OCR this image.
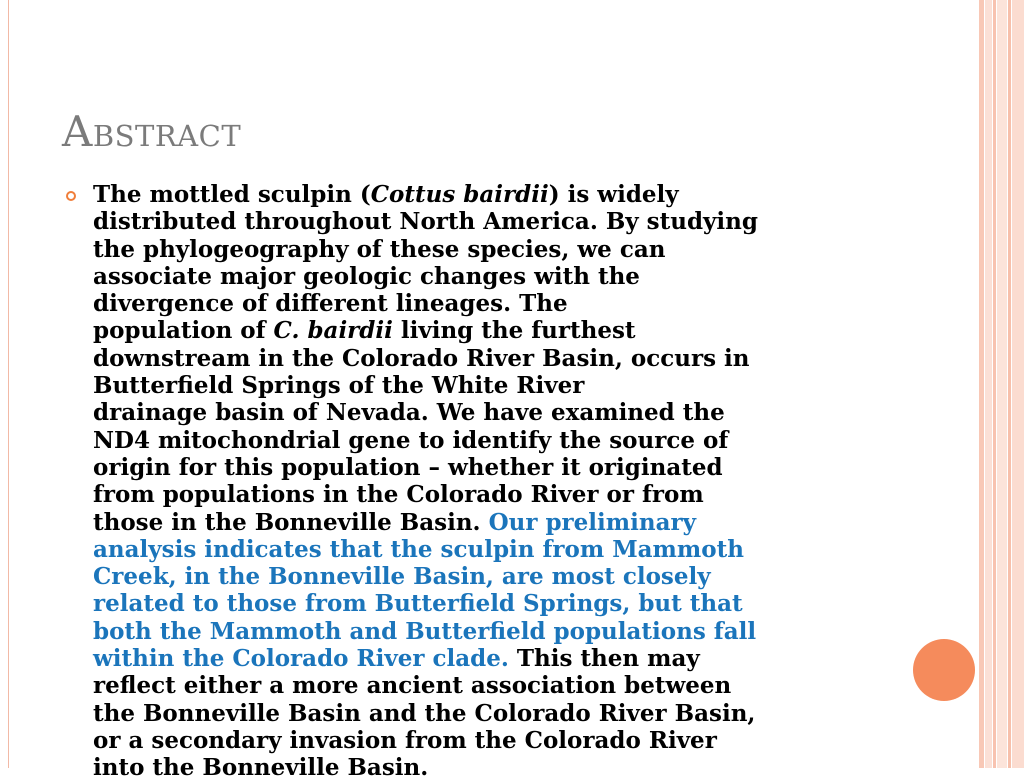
Abstract
The mottled sculpin (Cottus bairdii) is widely
distributed throughout North America. By studying
the phylogeography of these species, we can
associate major geologic changes with the
divergence of different lineages. The
population of C. bairdii living the furthest
downstream in the Colorado River Basin, occurs in
Butterfield Springs of the White River
drainage basin of Nevada. We have examined the
ND4 mitochondrial gene to identify the source of
origin for this population – whether it originated
from populations in the Colorado River or from
those in the Bonneville Basin. Our preliminary
analysis indicates that the sculpin from Mammoth
Creek, in the Bonneville Basin, are most closely
related to those from Butterfield Springs, but that
both the Mammoth and Butterfield populations fall
within the Colorado River clade. This then may
reflect either a more ancient association between
the Bonneville Basin and the Colorado River Basin,
or a secondary invasion from the Colorado River
into the Bonneville Basin.
